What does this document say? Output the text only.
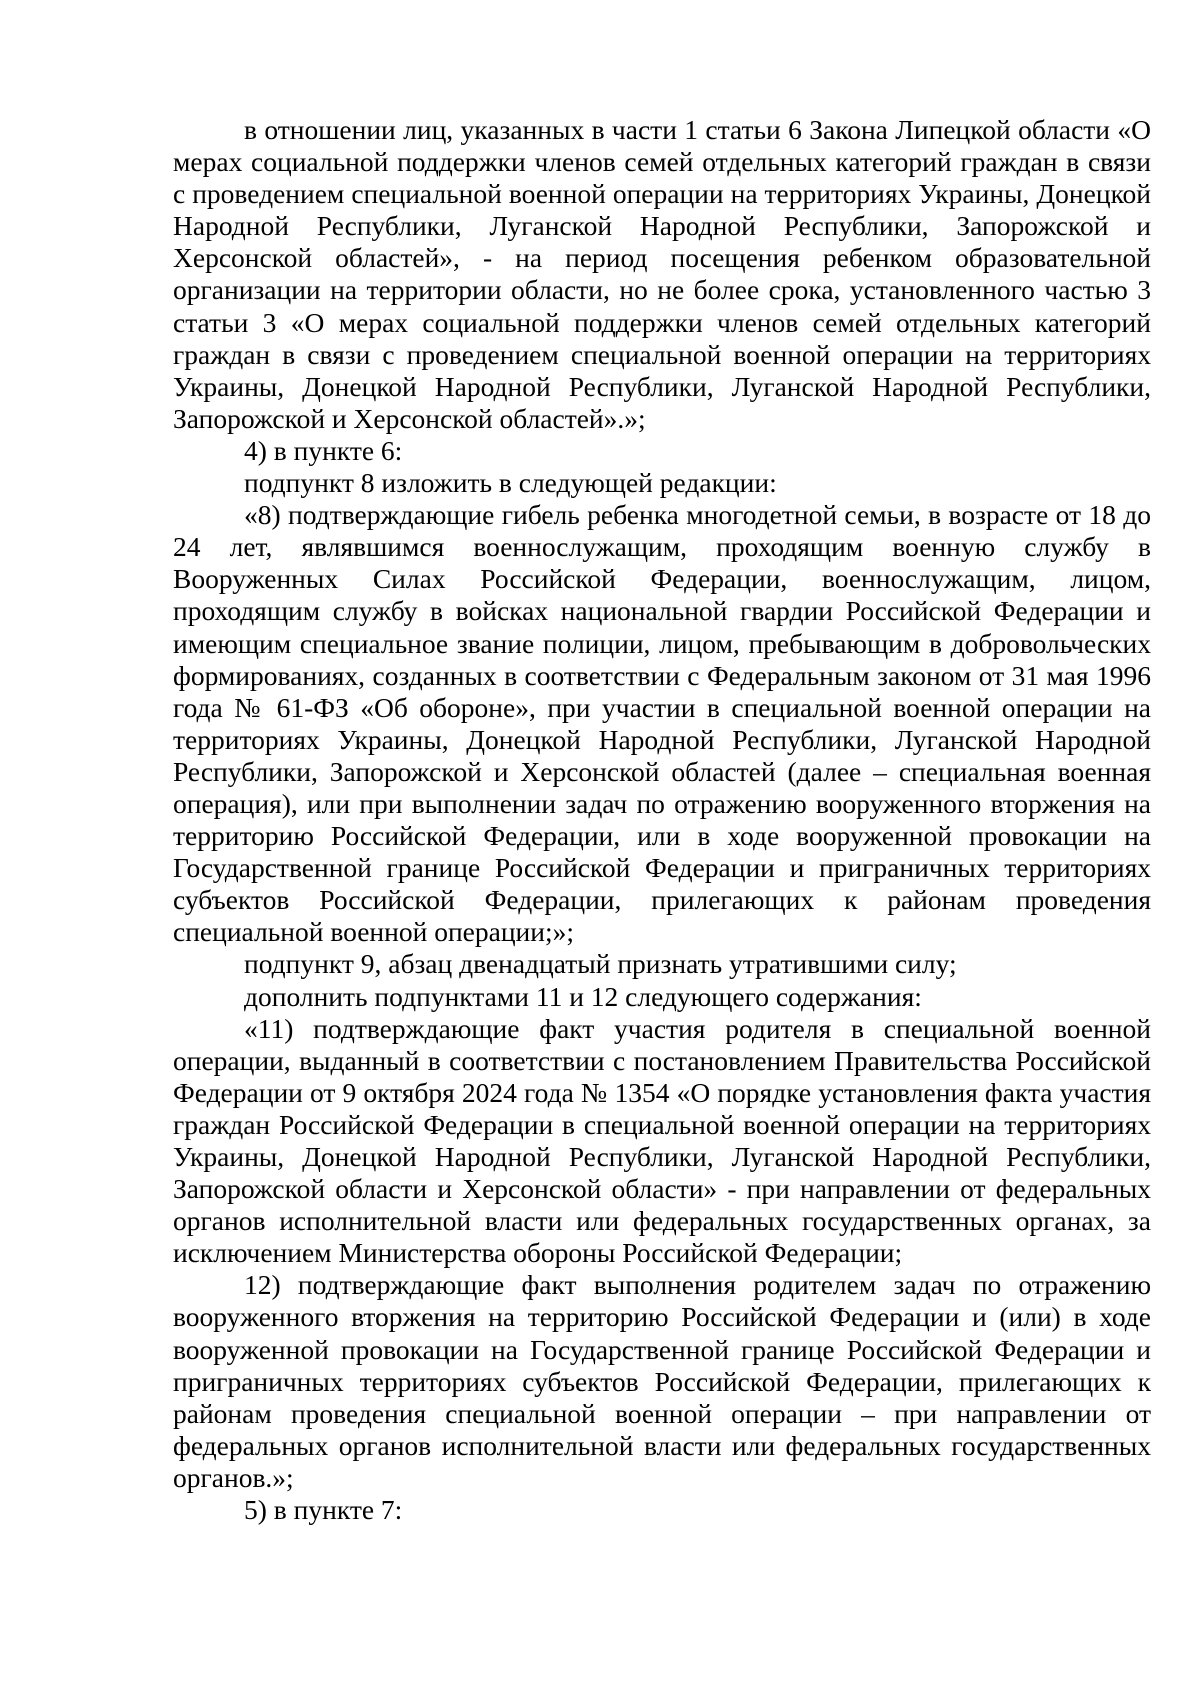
в отношении лиц, указанных в части 1 статьи 6 Закона Липецкой области «О мерах социальной поддержки членов семей отдельных категорий граждан в связи с проведением специальной военной операции на территориях Украины, Донецкой Народной Республики, Луганской Народной Республики, Запорожской и Херсонской областей», - на период посещения ребенком образовательной организации на территории области, но не более срока, установленного частью 3 статьи 3 «О мерах социальной поддержки членов семей отдельных категорий граждан в связи с проведением специальной военной операции на территориях Украины, Донецкой Народной Республики, Луганской Народной Республики, Запорожской и Херсонской областей».»;

4) в пункте 6:

подпункт 8 изложить в следующей редакции:

«8) подтверждающие гибель ребенка многодетной семьи, в возрасте от 18 до 24 лет, являвшимся военнослужащим, проходящим военную службу в Вооруженных Силах Российской Федерации, военнослужащим, лицом, проходящим службу в войсках национальной гвардии Российской Федерации и имеющим специальное звание полиции, лицом, пребывающим в добровольческих формированиях, созданных в соответствии с Федеральным законом от 31 мая 1996 года № 61-ФЗ «Об обороне», при участии в специальной военной операции на территориях Украины, Донецкой Народной Республики, Луганской Народной Республики, Запорожской и Херсонской областей (далее – специальная военная операция), или при выполнении задач по отражению вооруженного вторжения на территорию Российской Федерации, или в ходе вооруженной провокации на Государственной границе Российской Федерации и приграничных территориях субъектов Российской Федерации, прилегающих к районам проведения специальной военной операции;»;

подпункт 9, абзац двенадцатый признать утратившими силу;

дополнить подпунктами 11 и 12 следующего содержания:

«11) подтверждающие факт участия родителя в специальной военной операции, выданный в соответствии с постановлением Правительства Российской Федерации от 9 октября 2024 года № 1354 «О порядке установления факта участия граждан Российской Федерации в специальной военной операции на территориях Украины, Донецкой Народной Республики, Луганской Народной Республики, Запорожской области и Херсонской области» - при направлении от федеральных органов исполнительной власти или федеральных государственных органах, за исключением Министерства обороны Российской Федерации;

12) подтверждающие факт выполнения родителем задач по отражению вооруженного вторжения на территорию Российской Федерации и (или) в ходе вооруженной провокации на Государственной границе Российской Федерации и приграничных территориях субъектов Российской Федерации, прилегающих к районам проведения специальной военной операции – при направлении от федеральных органов исполнительной власти или федеральных государственных органов.»;

5) в пункте 7:
